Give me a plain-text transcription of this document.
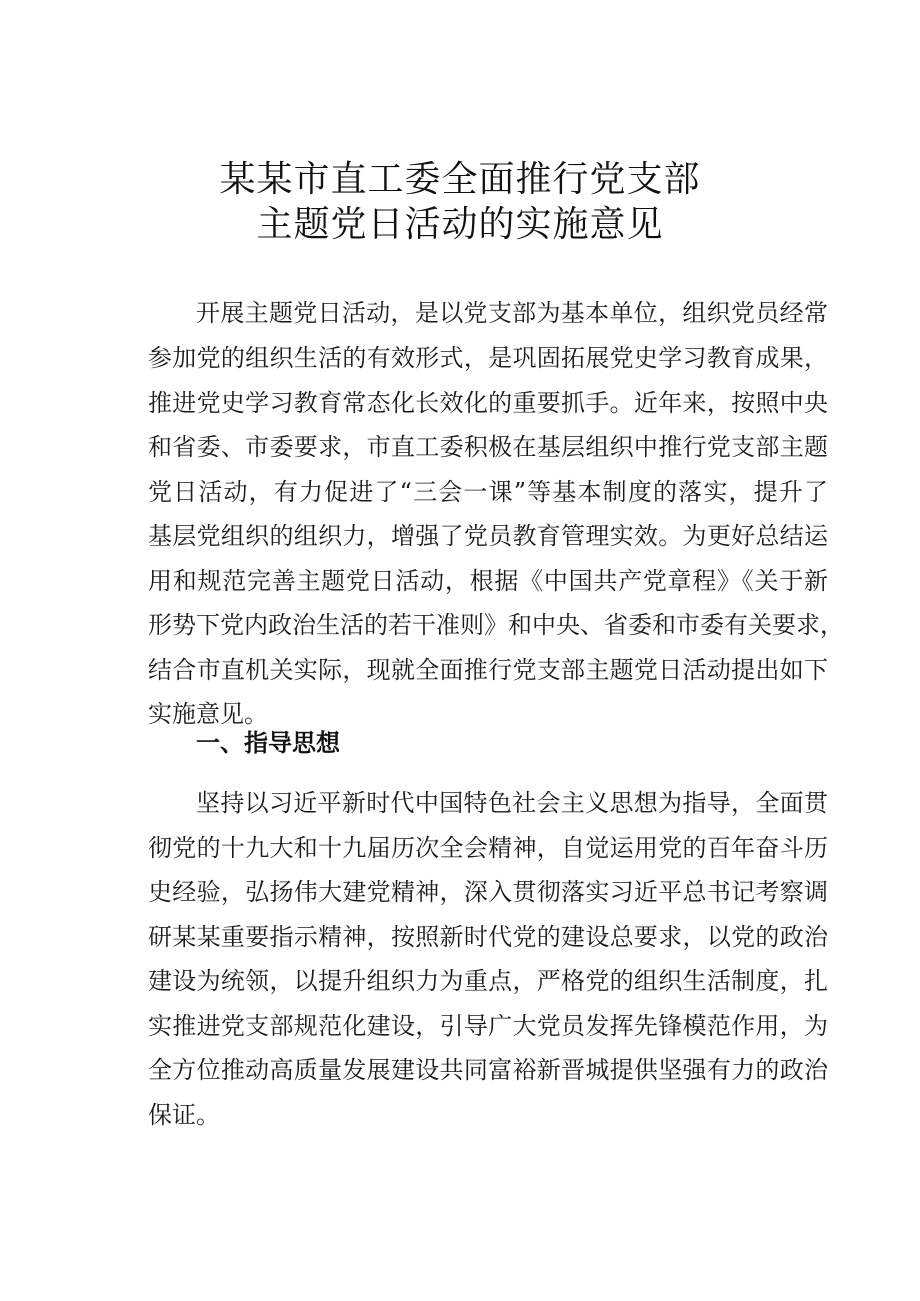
某某市直工委全面推行党支部
主题党日活动的实施意见
开展主题党日活动，是以党支部为基本单位，组织党员经常
参加党的组织生活的有效形式，是巩固拓展党史学习教育成果，
推进党史学习教育常态化长效化的重要抓手。近年来，按照中央
和省委、市委要求，市直工委积极在基层组织中推行党支部主题
党日活动，有力促进了“三会一课”等基本制度的落实，提升了
基层党组织的组织力，增强了党员教育管理实效。为更好总结运
用和规范完善主题党日活动，根据《中国共产党章程》《关于新
形势下党内政治生活的若干准则》和中央、省委和市委有关要求，
结合市直机关实际，现就全面推行党支部主题党日活动提出如下
实施意见。
一、指导思想
坚持以习近平新时代中国特色社会主义思想为指导，全面贯
彻党的十九大和十九届历次全会精神，自觉运用党的百年奋斗历
史经验，弘扬伟大建党精神，深入贯彻落实习近平总书记考察调
研某某重要指示精神，按照新时代党的建设总要求，以党的政治
建设为统领，以提升组织力为重点，严格党的组织生活制度，扎
实推进党支部规范化建设，引导广大党员发挥先锋模范作用，为
全方位推动高质量发展建设共同富裕新晋城提供坚强有力的政治
保证。
